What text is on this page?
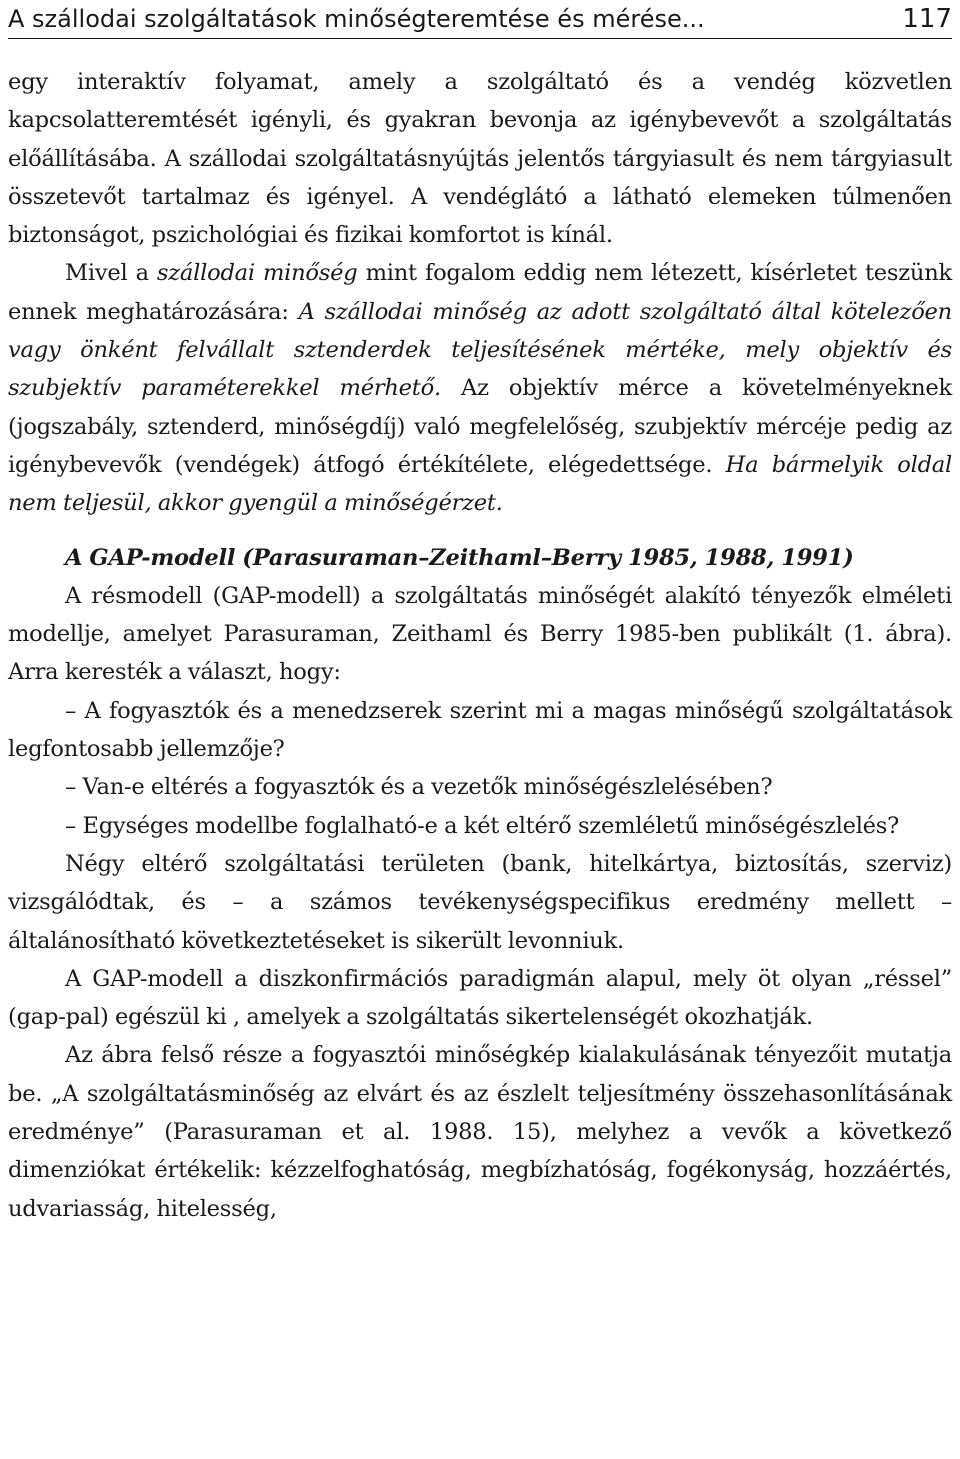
A szállodai szolgáltatások minőségteremtése és mérése...	117

egy interaktív folyamat, amely a szolgáltató és a vendég közvetlen kapcsolatteremtését igényli, és gyakran bevonja az igénybevevőt a szolgáltatás előállításába. A szállodai szolgáltatásnyújtás jelentős tárgyiasult és nem tárgyiasult összetevőt tartalmaz és igényel. A vendéglátó a látható elemeken túlmenően biztonságot, pszichológiai és fizikai komfortot is kínál.

Mivel a szállodai minőség mint fogalom eddig nem létezett, kísérletet teszünk ennek meghatározására: A szállodai minőség az adott szolgáltató által kötelezően vagy önként felvállalt sztenderdek teljesítésének mértéke, mely objektív és szubjektív paraméterekkel mérhető. Az objektív mérce a követelményeknek (jogszabály, sztenderd, minőségdíj) való megfelelőség, szubjektív mércéje pedig az igénybevevők (vendégek) átfogó értékítélete, elégedettsége. Ha bármelyik oldal nem teljesül, akkor gyengül a minőségérzet.

A GAP-modell (Parasuraman–Zeithaml–Berry 1985, 1988, 1991)

A résmodell (GAP-modell) a szolgáltatás minőségét alakító tényezők elméleti modellje, amelyet Parasuraman, Zeithaml és Berry 1985-ben publikált (1. ábra). Arra keresték a választ, hogy:

– A fogyasztók és a menedzserek szerint mi a magas minőségű szolgáltatások legfontosabb jellemzője?

– Van-e eltérés a fogyasztók és a vezetők minőségészlelésében?

– Egységes modellbe foglalható-e a két eltérő szemléletű minőségészlelés?

Négy eltérő szolgáltatási területen (bank, hitelkártya, biztosítás, szerviz) vizsgálódtak, és – a számos tevékenységspecifikus eredmény mellett – általánosítható következtetéseket is sikerült levonniuk.

A GAP-modell a diszkonfirmációs paradigmán alapul, mely öt olyan „réssel” (gap-pal) egészül ki , amelyek a szolgáltatás sikertelenségét okozhatják.

Az ábra felső része a fogyasztói minőségkép kialakulásának tényezőit mutatja be. „A szolgáltatásminőség az elvárt és az észlelt teljesítmény összehasonlításának eredménye” (Parasuraman et al. 1988. 15), melyhez a vevők a következő dimenziókat értékelik: kézzelfoghatóság, megbízhatóság, fogékonyság, hozzáértés, udvariasság, hitelesség,
